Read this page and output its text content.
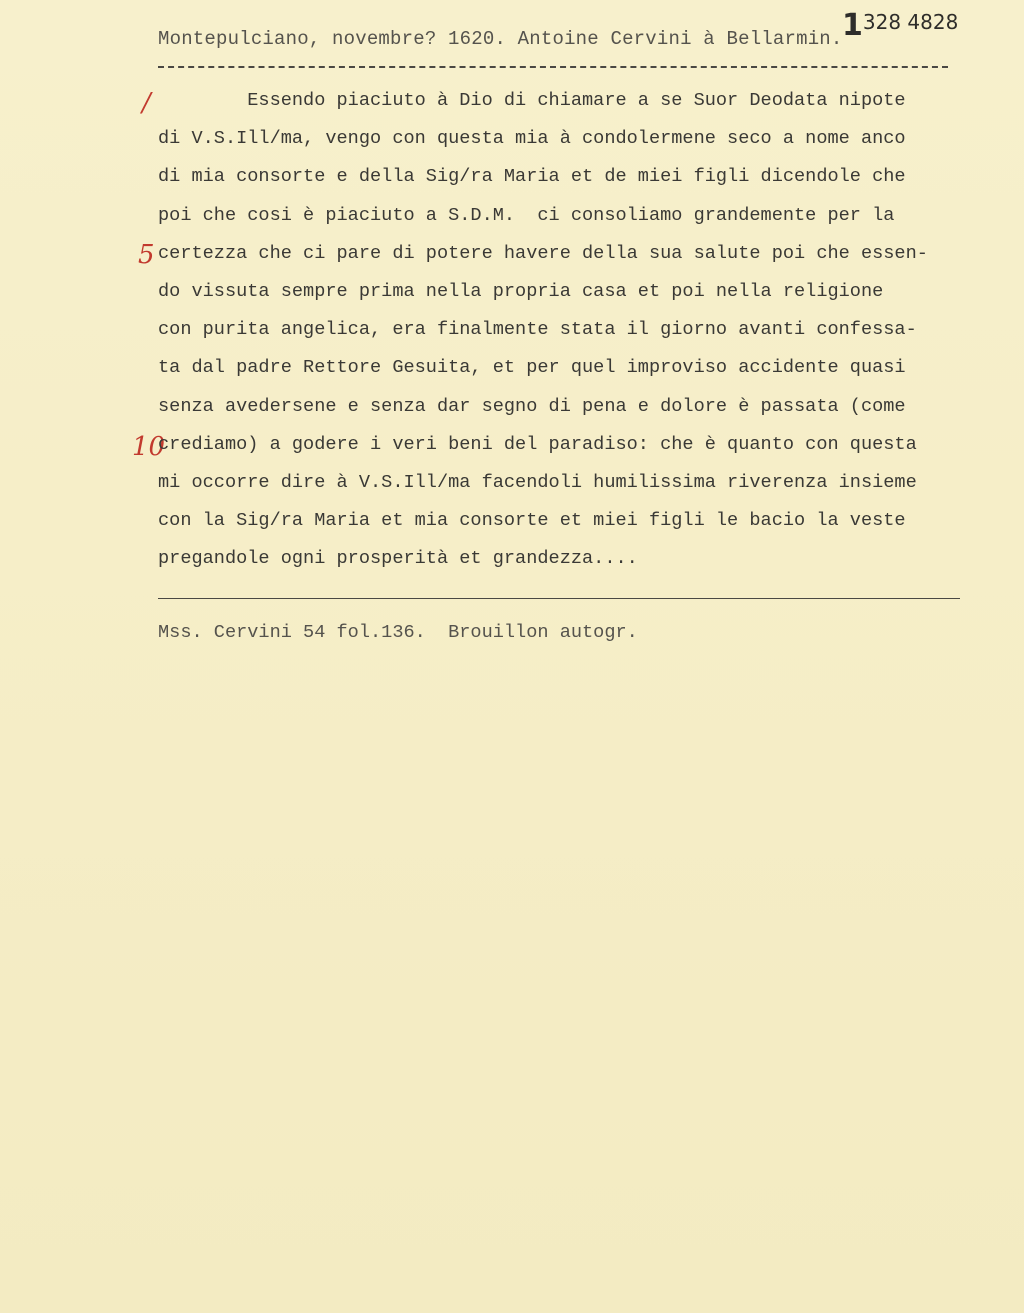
Montepulciano, novembre? 1620. Antoine Cervini à Bellarmin. 1328 4828
/
5
10
Essendo piaciuto à Dio di chiamare a se Suor Deodata nipote
di V.S.Ill/ma, vengo con questa mia à condolermene seco a nome anco
di mia consorte e della Sig/ra Maria et de miei figli dicendole che
poi che cosi è piaciuto a S.D.M.  ci consoliamo grandemente per la
certezza che ci pare di potere havere della sua salute poi che essen-
do vissuta sempre prima nella propria casa et poi nella religione
con purita angelica, era finalmente stata il giorno avanti confessa-
ta dal padre Rettore Gesuita, et per quel improviso accidente quasi
senza avedersene e senza dar segno di pena e dolore è passata (come
crediamo) a godere i veri beni del paradiso: che è quanto con questa
mi occorre dire à V.S.Ill/ma facendoli humilissima riverenza insieme
con la Sig/ra Maria et mia consorte et miei figli le bacio la veste
pregandole ogni prosperità et grandezza....
Mss. Cervini 54 fol.136.  Brouillon autogr.
